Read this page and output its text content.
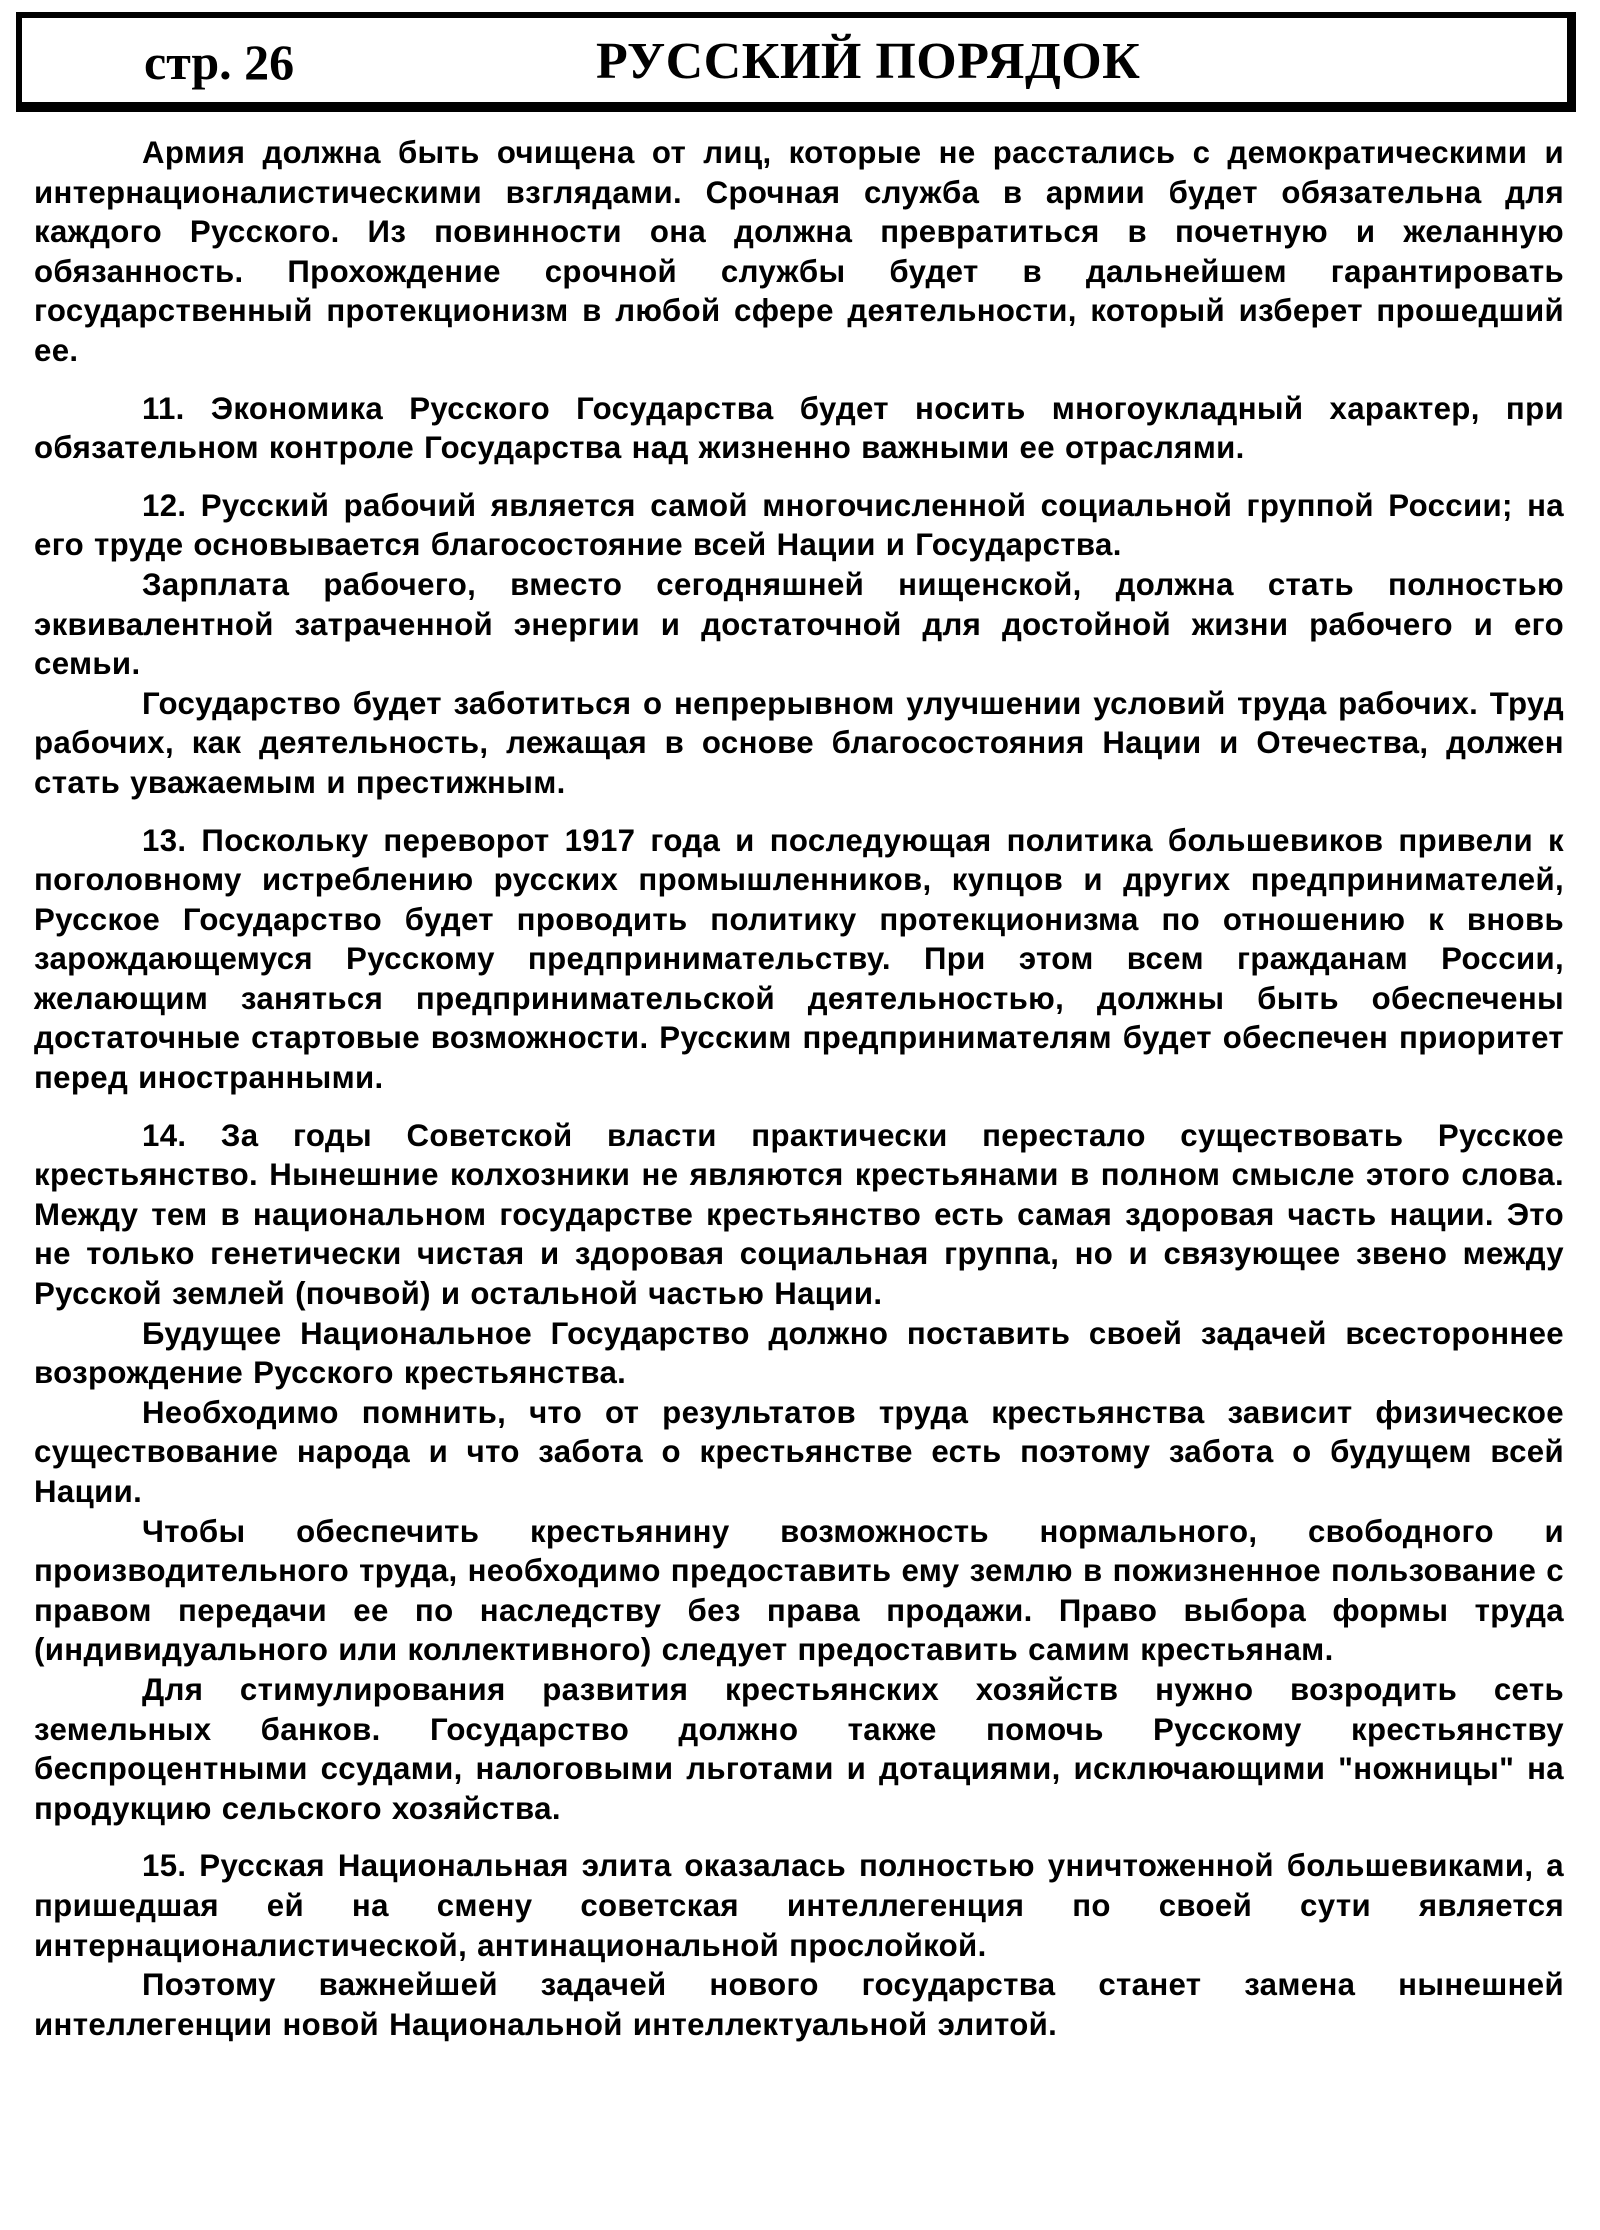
стр. 26	РУССКИЙ ПОРЯДОК

Армия должна быть очищена от лиц, которые не расстались с демократическими и интернационалистическими взглядами. Срочная служба в армии будет обязательна для каждого Русского. Из повинности она должна превратиться в почетную и желанную обязанность. Прохождение срочной службы будет в дальнейшем гарантировать государственный протекционизм в любой сфере деятельности, который изберет прошедший ее.

11. Экономика Русского Государства будет носить многоукладный характер, при обязательном контроле Государства над жизненно важными ее отраслями.

12. Русский рабочий является самой многочисленной социальной группой России; на его труде основывается благосостояние всей Нации и Государства.

Зарплата рабочего, вместо сегодняшней нищенской, должна стать полностью эквивалентной затраченной энергии и достаточной для достойной жизни рабочего и его семьи.

Государство будет заботиться о непрерывном улучшении условий труда рабочих. Труд рабочих, как деятельность, лежащая в основе благосостояния Нации и Отечества, должен стать уважаемым и престижным.

13. Поскольку переворот 1917 года и последующая политика большевиков привели к поголовному истреблению русских промышленников, купцов и других предпринимателей, Русское Государство будет проводить политику протекционизма по отношению к вновь зарождающемуся Русскому предпринимательству. При этом всем гражданам России, желающим заняться предпринимательской деятельностью, должны быть обеспечены достаточные стартовые возможности. Русским предпринимателям будет обеспечен приоритет перед иностранными.

14. За годы Советской власти практически перестало существовать Русское крестьянство. Нынешние колхозники не являются крестьянами в полном смысле этого слова. Между тем в национальном государстве крестьянство есть самая здоровая часть нации. Это не только генетически чистая и здоровая социальная группа, но и связующее звено между Русской землей (почвой) и остальной частью Нации.

Будущее Национальное Государство должно поставить своей задачей всестороннее возрождение Русского крестьянства.

Необходимо помнить, что от результатов труда крестьянства зависит физическое существование народа и что забота о крестьянстве есть поэтому забота о будущем всей Нации.

Чтобы обеспечить крестьянину возможность нормального, свободного и производительного труда, необходимо предоставить ему землю в пожизненное пользование с правом передачи ее по наследству без права продажи. Право выбора формы труда (индивидуального или коллективного) следует предоставить самим крестьянам.

Для стимулирования развития крестьянских хозяйств нужно возродить сеть земельных банков. Государство должно также помочь Русскому крестьянству беспроцентными ссудами, налоговыми льготами и дотациями, исключающими "ножницы" на продукцию сельского хозяйства.

15. Русская Национальная элита оказалась полностью уничтоженной большевиками, а пришедшая ей на смену советская интеллегенция по своей сути является интернационалистической, антинациональной прослойкой.

Поэтому важнейшей задачей нового государства станет замена нынешней интеллегенции новой Национальной интеллектуальной элитой.
